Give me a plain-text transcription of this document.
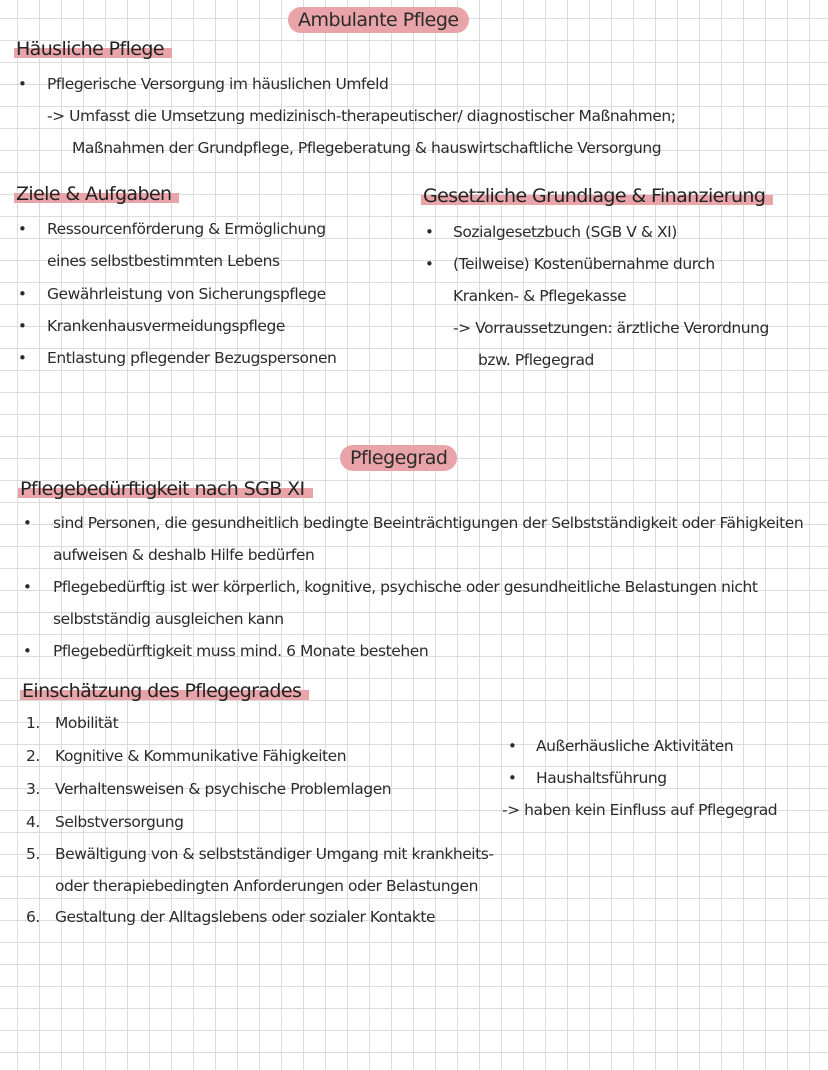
Ambulante Pflege
Häusliche Pflege
• Pflegerische Versorgung im häuslichen Umfeld
-> Umfasst die Umsetzung medizinisch-therapeutischer/ diagnostischer Maßnahmen;
Maßnahmen der Grundpflege, Pflegeberatung & hauswirtschaftliche Versorgung
Ziele & Aufgaben
• Ressourcenförderung & Ermöglichung
eines selbstbestimmten Lebens
• Gewährleistung von Sicherungspflege
• Krankenhausvermeidungspflege
• Entlastung pflegender Bezugspersonen
Gesetzliche Grundlage & Finanzierung
• Sozialgesetzbuch (SGB V & XI)
• (Teilweise) Kostenübernahme durch
Kranken- & Pflegekasse
-> Vorraussetzungen: ärztliche Verordnung
bzw. Pflegegrad
Pflegegrad
Pflegebedürftigkeit nach SGB XI
• sind Personen, die gesundheitlich bedingte Beeinträchtigungen der Selbstständigkeit oder Fähigkeiten
aufweisen & deshalb Hilfe bedürfen
• Pflegebedürftig ist wer körperlich, kognitive, psychische oder gesundheitliche Belastungen nicht
selbstständig ausgleichen kann
• Pflegebedürftigkeit muss mind. 6 Monate bestehen
Einschätzung des Pflegegrades
1. Mobilität
2. Kognitive & Kommunikative Fähigkeiten
3. Verhaltensweisen & psychische Problemlagen
4. Selbstversorgung
5. Bewältigung von & selbstständiger Umgang mit krankheits-
oder therapiebedingten Anforderungen oder Belastungen
6. Gestaltung der Alltagslebens oder sozialer Kontakte
• Außerhäusliche Aktivitäten
• Haushaltsführung
-> haben kein Einfluss auf Pflegegrad
